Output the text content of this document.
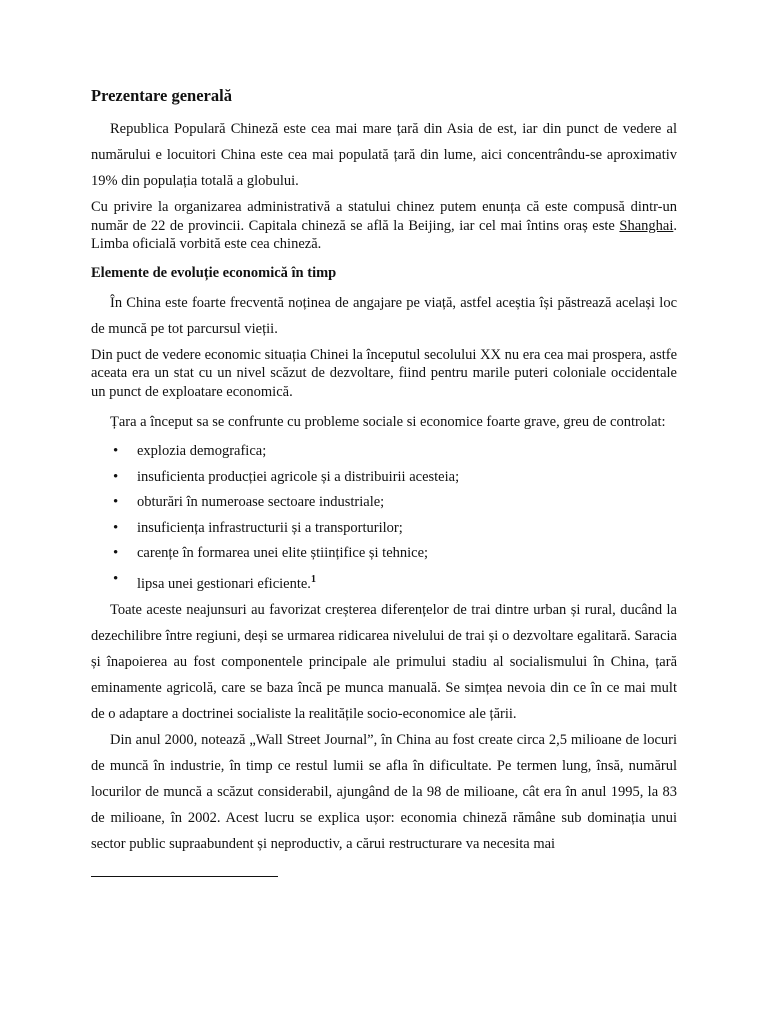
Prezentare generală

Republica Populară Chineză este cea mai mare țară din Asia de est, iar din punct de vedere al numărului e locuitori China este cea mai populată țară din lume, aici concentrându-se aproximativ 19% din populația totală a globului.

Cu privire la organizarea administrativă a statului chinez putem enunța că este compusă dintr-un număr de 22 de provincii. Capitala chineză se află la Beijing, iar cel mai întins oraș este Shanghai. Limba oficială vorbită este cea chineză.

Elemente de evoluție economică în timp

În China este foarte frecventă noținea de angajare pe viață, astfel aceștia își păstrează același loc de muncă pe tot parcursul vieții.

Din puct de vedere economic situația Chinei la începutul secolului XX nu era cea mai prospera, astfe aceata era un stat cu un nivel scăzut de dezvoltare, fiind pentru marile puteri coloniale occidentale un punct de exploatare economică.

Țara a început sa se confrunte cu probleme sociale si economice foarte grave, greu de controlat:

• explozia demografica;
• insuficienta producției agricole și a distribuirii acesteia;
• obturări în numeroase sectoare industriale;
• insuficiența infrastructurii și a transporturilor;
• carențe în formarea unei elite științifice și tehnice;
• lipsa unei gestionari eficiente.$^1$

Toate aceste neajunsuri au favorizat creșterea diferențelor de trai dintre urban și rural, ducând la dezechilibre între regiuni, deși se urmarea ridicarea nivelului de trai și o dezvoltare egalitară. Saracia și înapoierea au fost componentele principale ale primului stadiu al socialismului în China, țară eminamente agricolă, care se baza încă pe munca manuală. Se simțea nevoia din ce în ce mai mult de o adaptare a doctrinei socialiste la realitățile socio-economice ale țării.

Din anul 2000, notează „Wall Street Journal”, în China au fost create circa 2,5 milioane de locuri de muncă în industrie, în timp ce restul lumii se afla în dificultate. Pe termen lung, însă, numărul locurilor de muncă a scăzut considerabil, ajungând de la 98 de milioane, cât era în anul 1995, la 83 de milioane, în 2002. Acest lucru se explica ușor: economia chineză rămâne sub dominația unui sector public supraabundent și neproductiv, a cărui restructurare va necesita mai
